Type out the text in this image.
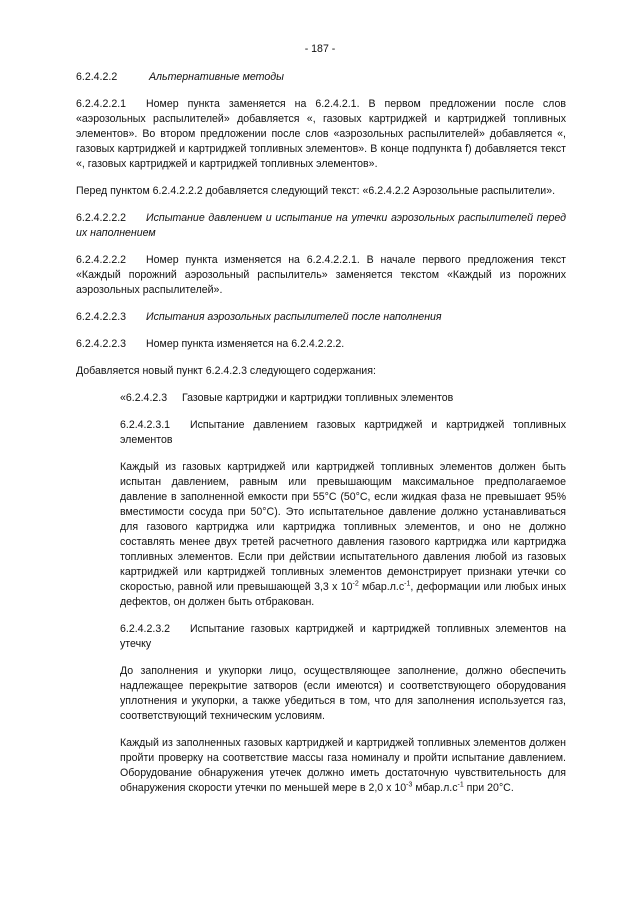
- 187 -

6.2.4.2.2	Альтернативные методы

6.2.4.2.2.1 Номер пункта заменяется на 6.2.4.2.1. В первом предложении после слов «аэрозольных распылителей» добавляется «, газовых картриджей и картриджей топливных элементов». Во втором предложении после слов «аэрозольных распылителей» добавляется «, газовых картриджей и картриджей топливных элементов». В конце подпункта f) добавляется текст «, газовых картриджей и картриджей топливных элементов».

Перед пунктом 6.2.4.2.2.2 добавляется следующий текст: «6.2.4.2.2 Аэрозольные распылители».

6.2.4.2.2.2 Испытание давлением и испытание на утечки аэрозольных распылителей перед их наполнением

6.2.4.2.2.2 Номер пункта изменяется на 6.2.4.2.2.1. В начале первого предложения текст «Каждый порожний аэрозольный распылитель» заменяется текстом «Каждый из порожних аэрозольных распылителей».

6.2.4.2.2.3 Испытания аэрозольных распылителей после наполнения

6.2.4.2.2.3 Номер пункта изменяется на 6.2.4.2.2.2.

Добавляется новый пункт 6.2.4.2.3 следующего содержания:

«6.2.4.2.3 Газовые картриджи и картриджи топливных элементов

6.2.4.2.3.1 Испытание давлением газовых картриджей и картриджей топливных элементов

Каждый из газовых картриджей или картриджей топливных элементов должен быть испытан давлением, равным или превышающим максимальное предполагаемое давление в заполненной емкости при 55°C (50°C, если жидкая фаза не превышает 95% вместимости сосуда при 50°C). Это испытательное давление должно устанавливаться для газового картриджа или картриджа топливных элементов, и оно не должно составлять менее двух третей расчетного давления газового картриджа или картриджа топливных элементов. Если при действии испытательного давления любой из газовых картриджей или картриджей топливных элементов демонстрирует признаки утечки со скоростью, равной или превышающей 3,3 x $10^{-2}$ $мбар.л.с^{-1}$, деформации или любых иных дефектов, он должен быть отбракован.

6.2.4.2.3.2 Испытание газовых картриджей и картриджей топливных элементов на утечку

До заполнения и укупорки лицо, осуществляющее заполнение, должно обеспечить надлежащее перекрытие затворов (если имеются) и соответствующего оборудования уплотнения и укупорки, а также убедиться в том, что для заполнения используется газ, соответствующий техническим условиям.

Каждый из заполненных газовых картриджей и картриджей топливных элементов должен пройти проверку на соответствие массы газа номиналу и пройти испытание давлением. Оборудование обнаружения утечек должно иметь достаточную чувствительность для обнаружения скорости утечки по меньшей мере в 2,0 x $10^{-3}$ $мбар.л.с^{-1}$ при 20°C.
